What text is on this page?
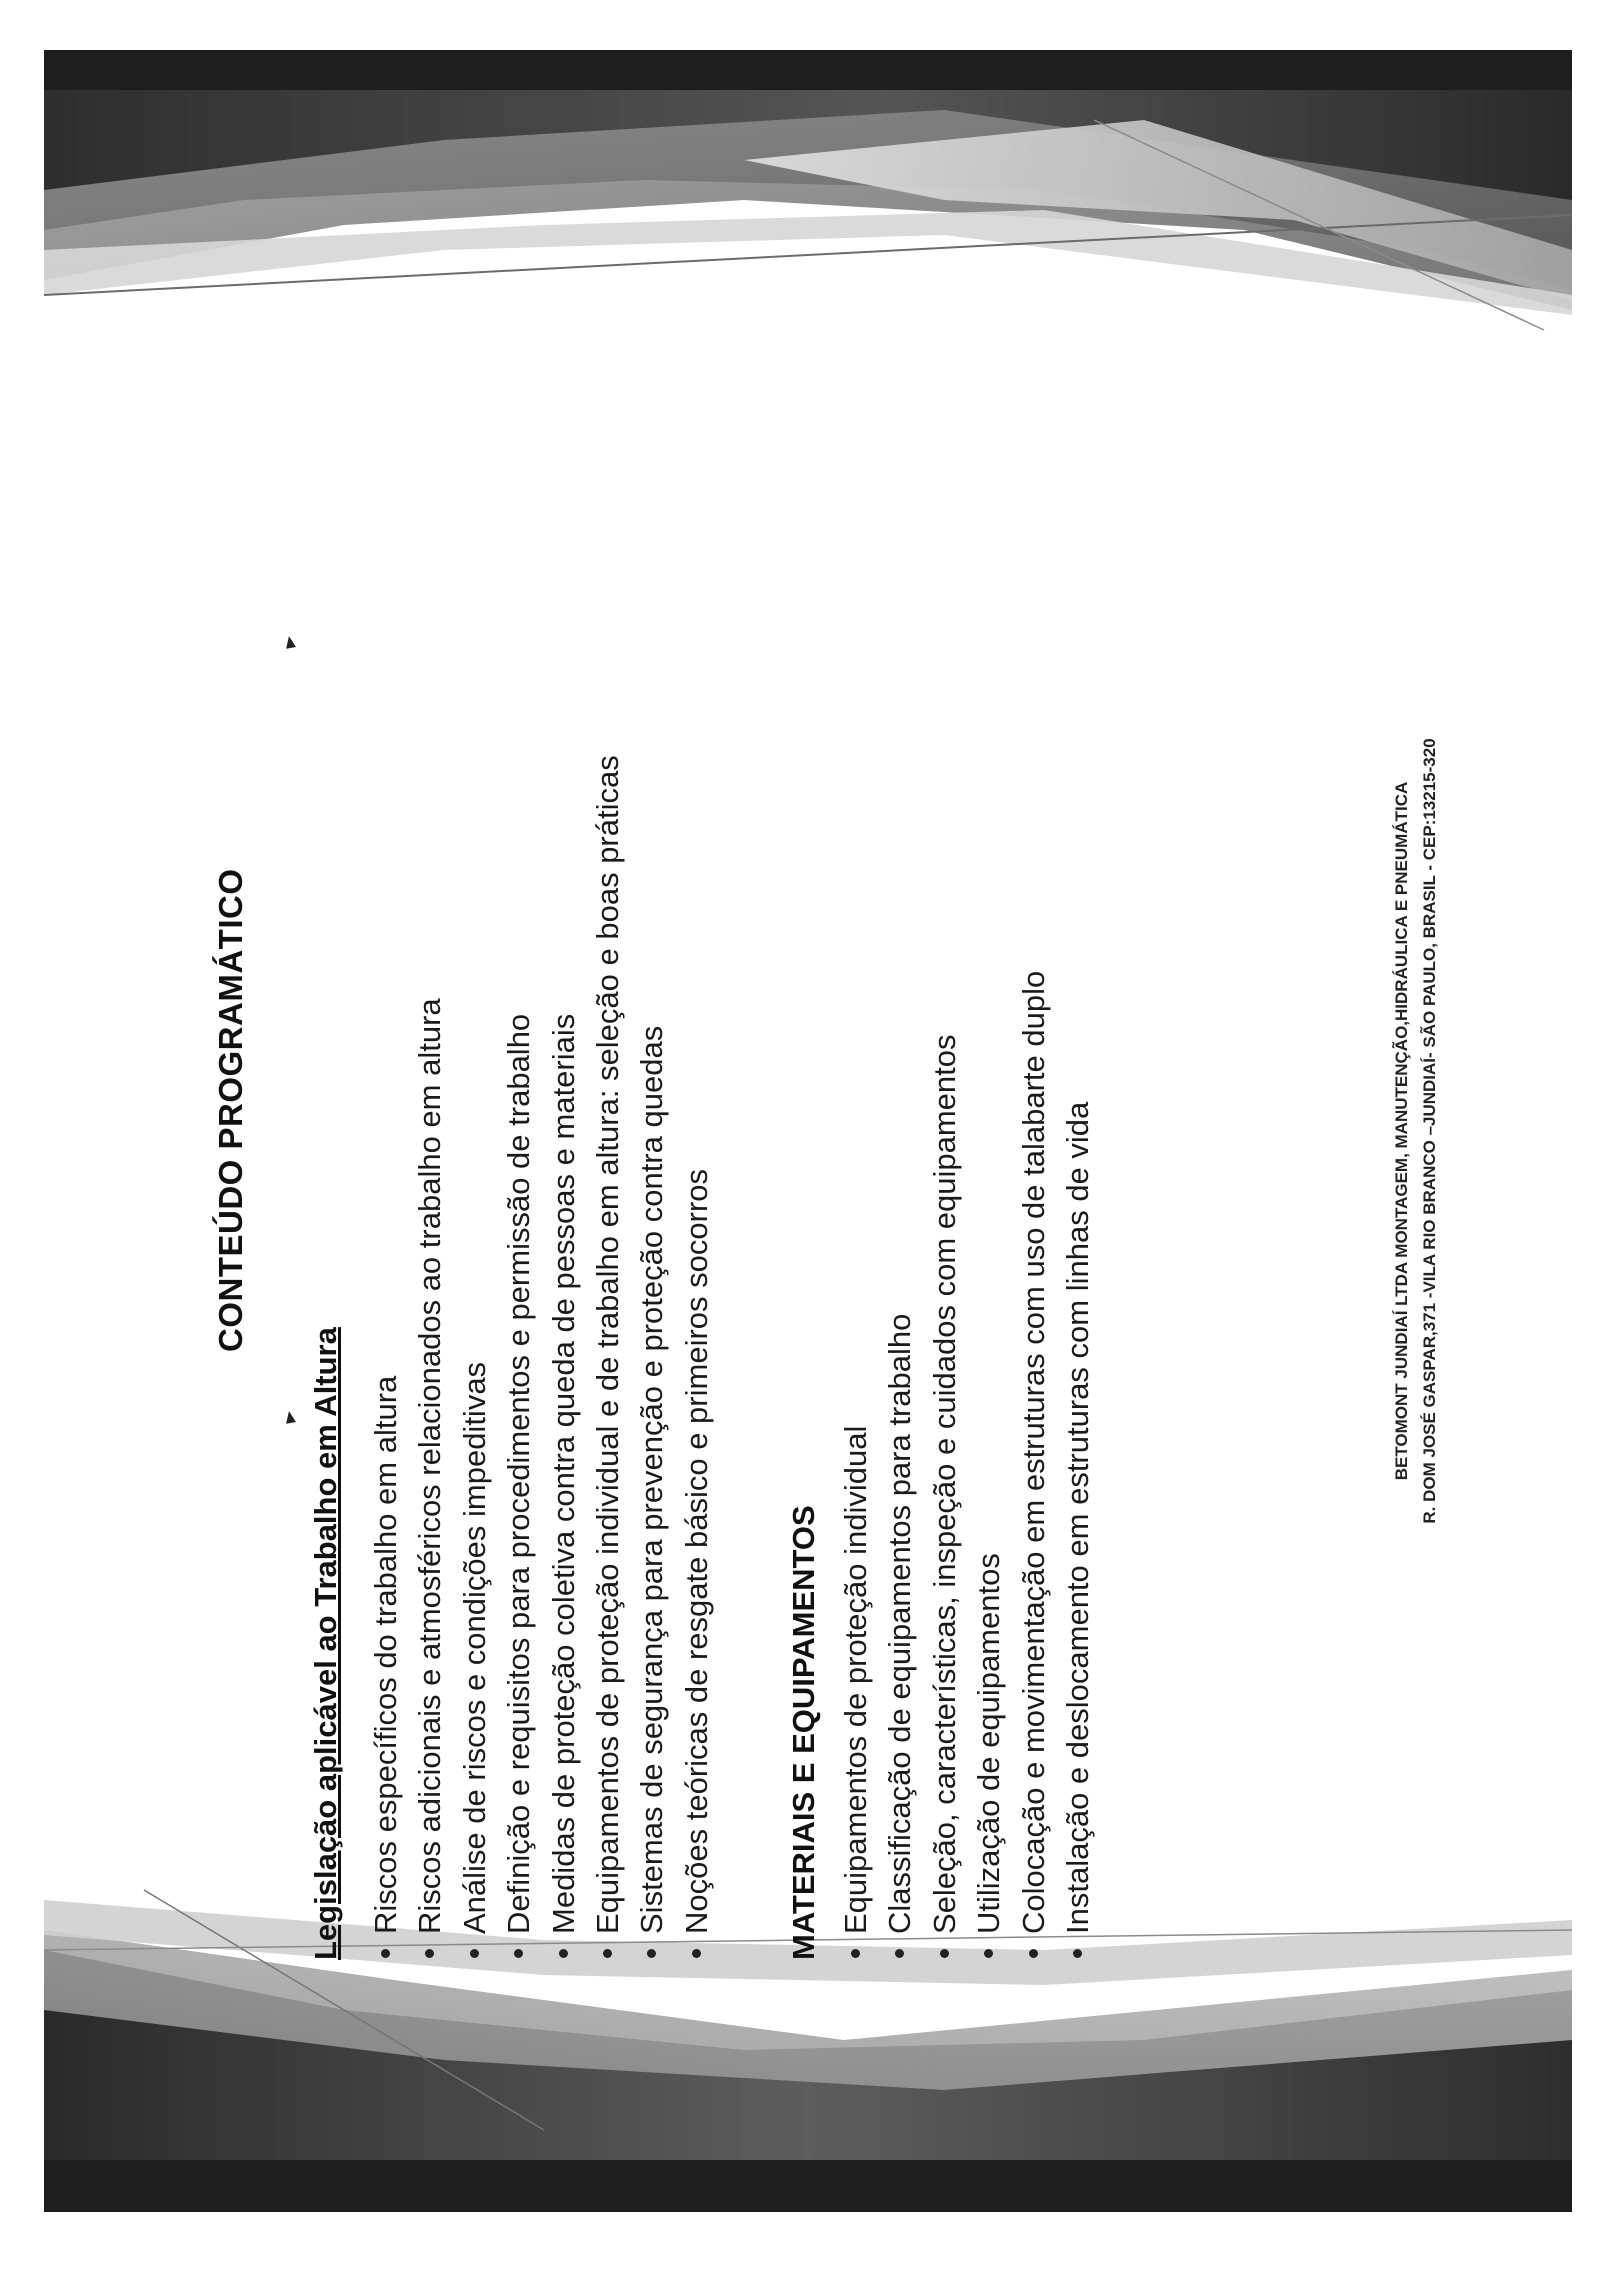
CONTEÚDO PROGRAMÁTICO
Legislação aplicável ao Trabalho em Altura Riscos específicos do trabalho em altura Riscos adicionais e atmosféricos relacionados ao trabalho em altura Análise de riscos e condições impeditivas Definição e requisitos para procedimentos e permissão de trabalho Medidas de proteção coletiva contra queda de pessoas e materiais Equipamentos de proteção individual e de trabalho em altura: seleção e boas práticas Sistemas de segurança para prevenção e proteção contra quedas Noções teóricas de resgate básico e primeiros socorros MATERIAIS E EQUIPAMENTOS Equipamentos de proteção individual Classificação de equipamentos para trabalho Seleção, características, inspeção e cuidados com equipamentos Utilização de equipamentos Colocação e movimentação em estruturas com uso de talabarte duplo Instalação e deslocamento em estruturas com linhas de vida	BETOMONT JUNDIAÍ LTDA MONTAGEM, MANUTENÇÃO,HIDRÁULICA E PNEUMÁTICA R. DOM JOSÉ GASPAR,371 -VILA RIO BRANCO –JUNDIAÍ- SÃO PAULO, BRASIL - CEP:13215-320
